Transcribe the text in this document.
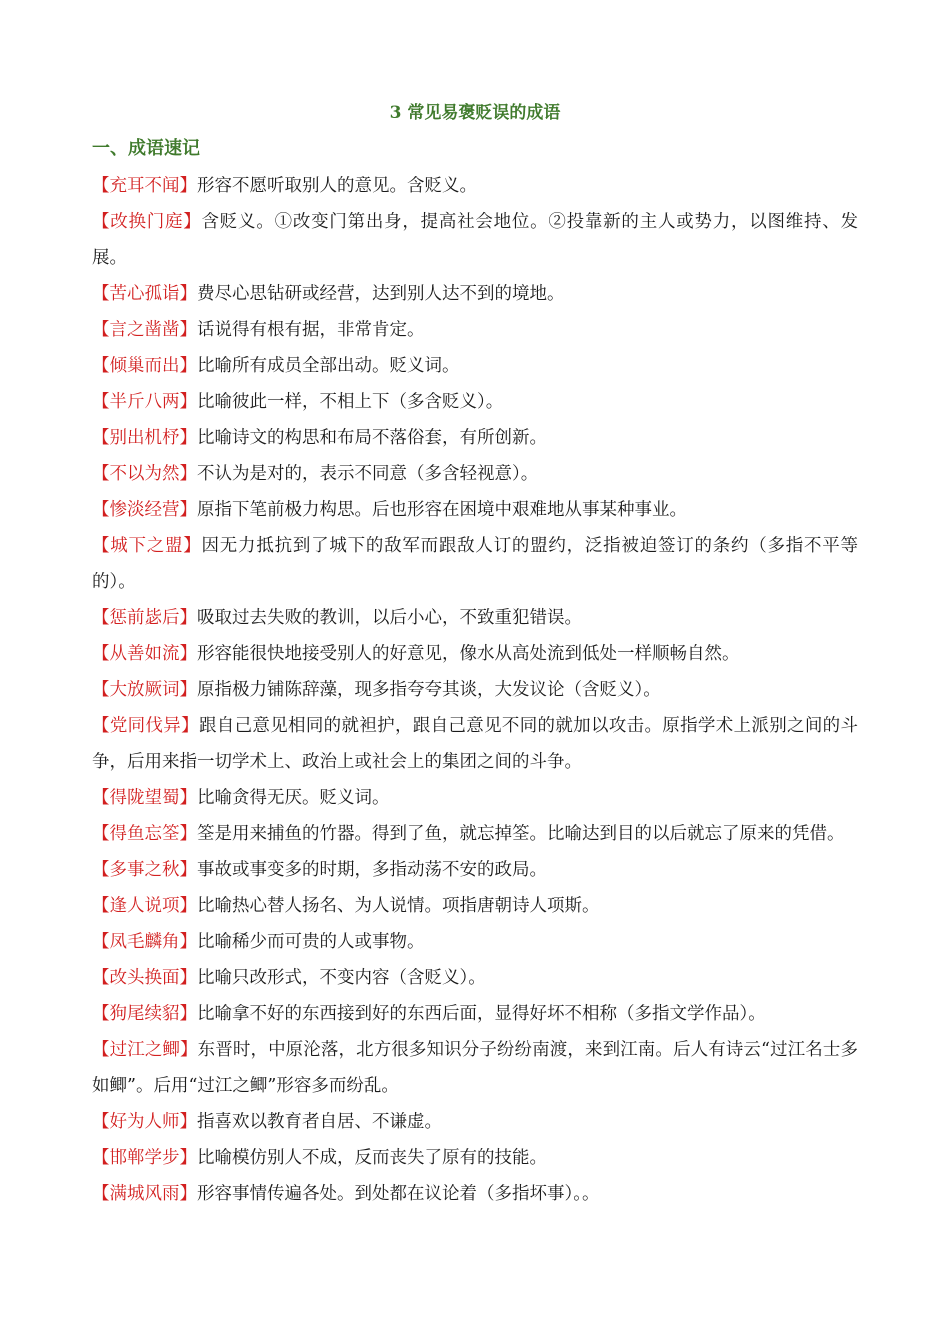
3 常见易褒贬误的成语
一、成语速记
【充耳不闻】形容不愿听取别人的意见。含贬义。
【改换门庭】含贬义。①改变门第出身，提高社会地位。②投靠新的主人或势力，以图维持、发展。
【苦心孤诣】费尽心思钻研或经营，达到别人达不到的境地。
【言之凿凿】话说得有根有据，非常肯定。
【倾巢而出】比喻所有成员全部出动。贬义词。
【半斤八两】比喻彼此一样，不相上下（多含贬义）。
【别出机杼】比喻诗文的构思和布局不落俗套，有所创新。
【不以为然】不认为是对的，表示不同意（多含轻视意）。
【惨淡经营】原指下笔前极力构思。后也形容在困境中艰难地从事某种事业。
【城下之盟】因无力抵抗到了城下的敌军而跟敌人订的盟约，泛指被迫签订的条约（多指不平等的）。
【惩前毖后】吸取过去失败的教训，以后小心，不致重犯错误。
【从善如流】形容能很快地接受别人的好意见，像水从高处流到低处一样顺畅自然。
【大放厥词】原指极力铺陈辞藻，现多指夸夸其谈，大发议论（含贬义）。
【党同伐异】跟自己意见相同的就袒护，跟自己意见不同的就加以攻击。原指学术上派别之间的斗争，后用来指一切学术上、政治上或社会上的集团之间的斗争。
【得陇望蜀】比喻贪得无厌。贬义词。
【得鱼忘筌】筌是用来捕鱼的竹器。得到了鱼，就忘掉筌。比喻达到目的以后就忘了原来的凭借。
【多事之秋】事故或事变多的时期，多指动荡不安的政局。
【逢人说项】比喻热心替人扬名、为人说情。项指唐朝诗人项斯。
【凤毛麟角】比喻稀少而可贵的人或事物。
【改头换面】比喻只改形式，不变内容（含贬义）。
【狗尾续貂】比喻拿不好的东西接到好的东西后面，显得好坏不相称（多指文学作品）。
【过江之鲫】东晋时，中原沦落，北方很多知识分子纷纷南渡，来到江南。后人有诗云“过江名士多如鲫”。后用“过江之鲫”形容多而纷乱。
【好为人师】指喜欢以教育者自居、不谦虚。
【邯郸学步】比喻模仿别人不成，反而丧失了原有的技能。
【满城风雨】形容事情传遍各处。到处都在议论着（多指坏事）。。
